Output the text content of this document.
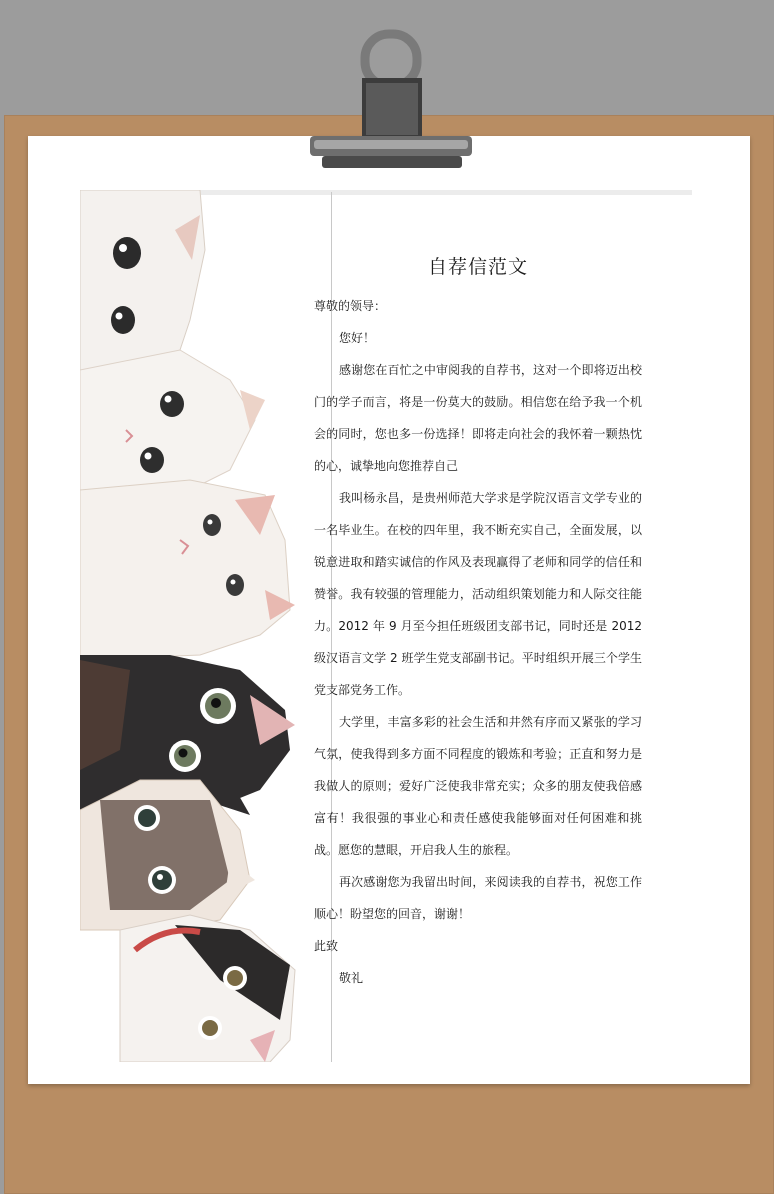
自荐信范文

尊敬的领导：

您好！

感谢您在百忙之中审阅我的自荐书，这对一个即将迈出校门的学子而言，将是一份莫大的鼓励。相信您在给予我一个机会的同时，您也多一份选择！即将走向社会的我怀着一颗热忱的心，诚挚地向您推荐自己

我叫杨永昌，是贵州师范大学求是学院汉语言文学专业的一名毕业生。在校的四年里，我不断充实自己，全面发展，以锐意进取和踏实诚信的作风及表现赢得了老师和同学的信任和赞誉。我有较强的管理能力，活动组织策划能力和人际交往能力。2012 年 9 月至今担任班级团支部书记，同时还是 2012 级汉语言文学 2 班学生党支部副书记。平时组织开展三个学生党支部党务工作。

大学里，丰富多彩的社会生活和井然有序而又紧张的学习气氛，使我得到多方面不同程度的锻炼和考验；正直和努力是我做人的原则；爱好广泛使我非常充实；众多的朋友使我倍感富有！我很强的事业心和责任感使我能够面对任何困难和挑战。愿您的慧眼，开启我人生的旅程。

再次感谢您为我留出时间，来阅读我的自荐书，祝您工作顺心！盼望您的回音，谢谢！

此致

敬礼
